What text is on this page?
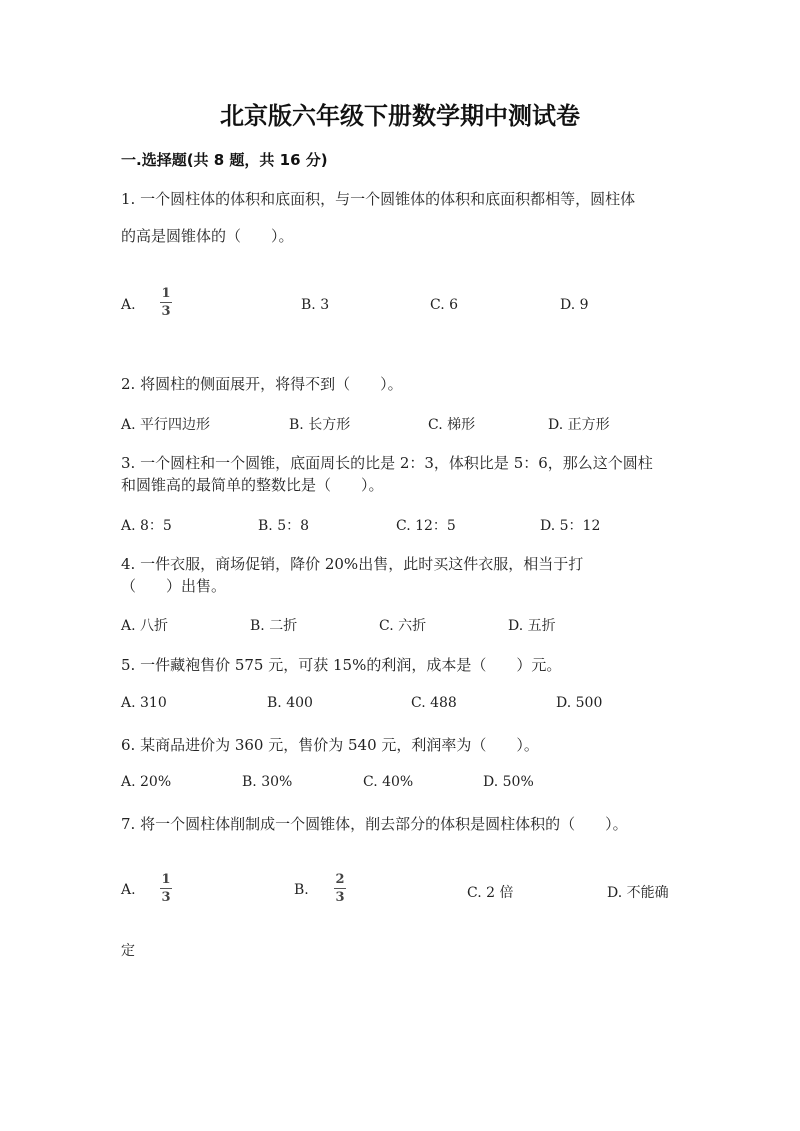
北京版六年级下册数学期中测试卷
一.选择题(共 8 题，共 16 分)
1. 一个圆柱体的体积和底面积，与一个圆锥体的体积和底面积都相等，圆柱体
的高是圆锥体的（　　）。
A.
1
3	B. 3	C. 6	D. 9
2. 将圆柱的侧面展开，将得不到（　　）。
A. 平行四边形	B. 长方形	C. 梯形	D. 正方形
3. 一个圆柱和一个圆锥，底面周长的比是 2：3，体积比是 5：6，那么这个圆柱
和圆锥高的最简单的整数比是（　　）。
A. 8：5	B. 5：8	C. 12：5	D. 5：12
4. 一件衣服，商场促销，降价 20%出售，此时买这件衣服，相当于打
（　　）出售。
A. 八折	B. 二折	C. 六折	D. 五折
5. 一件藏袍售价 575 元，可获 15%的利润，成本是（　　）元。
A. 310	B. 400	C. 488	D. 500
6. 某商品进价为 360 元，售价为 540 元，利润率为（　　）。
A. 20%	B. 30%	C. 40%	D. 50%
7. 将一个圆柱体削制成一个圆锥体，削去部分的体积是圆柱体积的（　　）。
A.
1
3	B.
2
3	C. 2 倍	D. 不能确
定
